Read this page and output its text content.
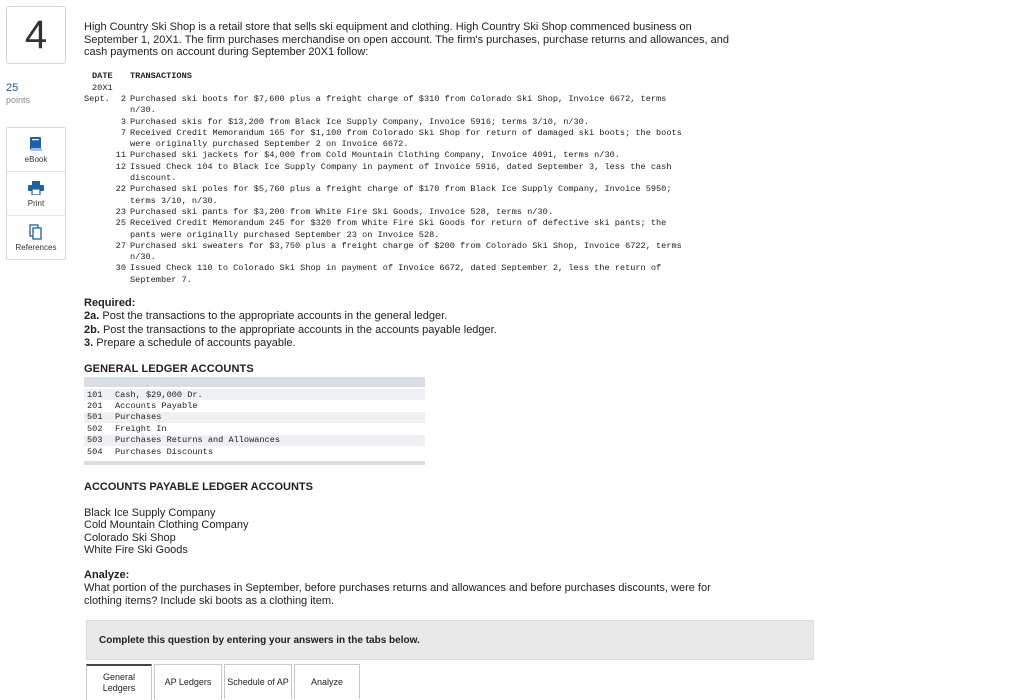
4
25
points
eBook
Print
References
High Country Ski Shop is a retail store that sells ski equipment and clothing. High Country Ski Shop commenced business on September 1, 20X1. The firm purchases merchandise on open account. The firm's purchases, purchase returns and allowances, and cash payments on account during September 20X1 follow:
DATE TRANSACTIONS
20X1
Sept.	2 Purchased ski boots for $7,600 plus a freight charge of $310 from Colorado Ski Shop, Invoice 6672, terms
n/30.
3 Purchased skis for $13,200 from Black Ice Supply Company, Invoice 5916; terms 3/10, n/30.
7 Received Credit Memorandum 165 for $1,100 from Colorado Ski Shop for return of damaged ski boots; the boots
were originally purchased September 2 on Invoice 6672.
11 Purchased ski jackets for $4,000 from Cold Mountain Clothing Company, Invoice 4091, terms n/30.
12 Issued Check 104 to Black Ice Supply Company in payment of Invoice 5916, dated September 3, less the cash
discount.
22 Purchased ski poles for $5,760 plus a freight charge of $170 from Black Ice Supply Company, Invoice 5950;
terms 3/10, n/30.
23 Purchased ski pants for $3,200 from White Fire Ski Goods, Invoice 528, terms n/30.
25 Received Credit Memorandum 245 for $320 from White Fire Ski Goods for return of defective ski pants; the
pants were originally purchased September 23 on Invoice 528.
27 Purchased ski sweaters for $3,750 plus a freight charge of $200 from Colorado Ski Shop, Invoice 6722, terms
n/30.
30 Issued Check 110 to Colorado Ski Shop in payment of Invoice 6672, dated September 2, less the return of
September 7.
Required:
2a. Post the transactions to the appropriate accounts in the general ledger.
2b. Post the transactions to the appropriate accounts in the accounts payable ledger.
3. Prepare a schedule of accounts payable.
GENERAL LEDGER ACCOUNTS
101	Cash, $29,000 Dr.
201	Accounts Payable
501	Purchases
502	Freight In
503	Purchases Returns and Allowances
504	Purchases Discounts
ACCOUNTS PAYABLE LEDGER ACCOUNTS
Black Ice Supply Company
Cold Mountain Clothing Company
Colorado Ski Shop
White Fire Ski Goods
Analyze:
What portion of the purchases in September, before purchases returns and allowances and before purchases discounts, were for clothing items? Include ski boots as a clothing item.
Complete this question by entering your answers in the tabs below.
General Ledgers
AP Ledgers	Schedule of AP	Analyze
